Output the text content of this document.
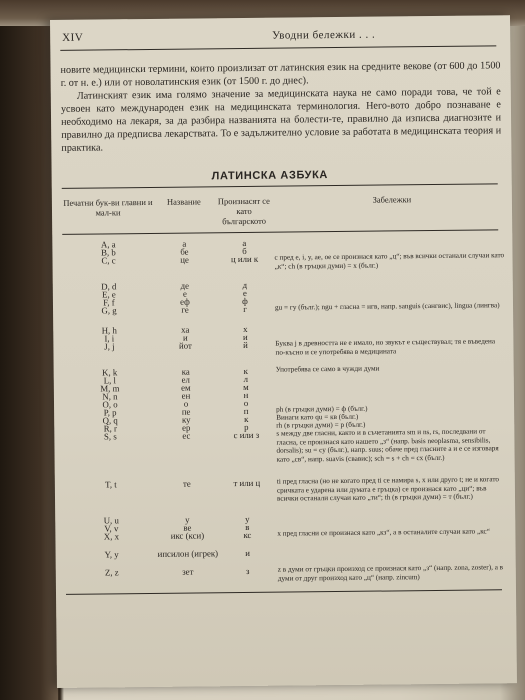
XIV	Уводни бележки . . .

новите медицински термини, които произлизат от латинския език на средните векове (от 600 до 1500 г. от н. е.) или от новолатинския език (от 1500 г. до днес).

Латинският език има голямо значение за медицинската наука не само поради това, че той е усвоен като международен език на медицинската терминология. Него-вото добро познаване е необходимо на лекаря, за да разбира названията на болести-те, правилно да изписва диагнозите и правилно да предписва лекарствата. То е задължително условие за работата в медицинската теория и практика.

ЛАТИНСКА АЗБУКА
Печатни бук-ви главни и мал-ки
Название	Произнасят се като българското
Забележки
A, a	а	а
B, b	бе	б
C, c	це	ц или к	c пред e, i, y, ae, oe се произнася като „ц“; във всички останали случаи като „к“; ch (в гръцки думи) = х (бълг.)
D, d	де	д
E, e	е	е
F, f	еф	ф
G, g	ге	г	gu = гу (бълг.); ngu + гласна = нгв, напр. sanguis (сангвис), lingua (лингва)
H, h	ха	х
I, i	и	и
J, j	йот	й	Буква j в древността не е имало, но звукът е съществувал; тя е въведена по-късно и се употребява в медицината
K, k	ка	к	Употребява се само в чужди думи
L, l	ел	л
M, m	ем	м
N, n	ен	н
O, o	о	о
P, p	пе	п	ph (в гръцки думи) = ф (бълг.)
Q, q	ку	к	Винаги като qu = кв (бълг.)
R, r	ер	р	rh (в гръцки думи) = р (бълг.)
S, s	ес	с или з	s между две гласни, както и в съчетанията sm и ns, rs, последвани от гласна, се произнася като нашето „з“ (напр. basis neoplasma, sensibilis, dorsalis); su = су (бълг.), напр. suus; обаче пред гласните a и e се изговаря като „св“, напр. suavis (свавис); sch = s + ch = сх (бълг.)
T, t	те	т или ц	ti пред гласна (но не когато пред ti се намира s, x или друго t; не и когато сричката е ударена или думата е гръцка) се произнася като „ци“; във всички останали случаи като „ти“; th (в гръцки думи) = т (бълг.)
U, u	у	у
V, v	ве	в
X, x	икс (кси)	кс	x пред гласни се произнася като „кз“, а в останалите случаи като „кс“
Y, y	ипсилон (игрек)	и
Z, z	зет	з	z в думи от гръцки произход се произнася като „з“ (напр. zona, zoster), а в думи от друг произход като „ц“ (напр. zincum)
